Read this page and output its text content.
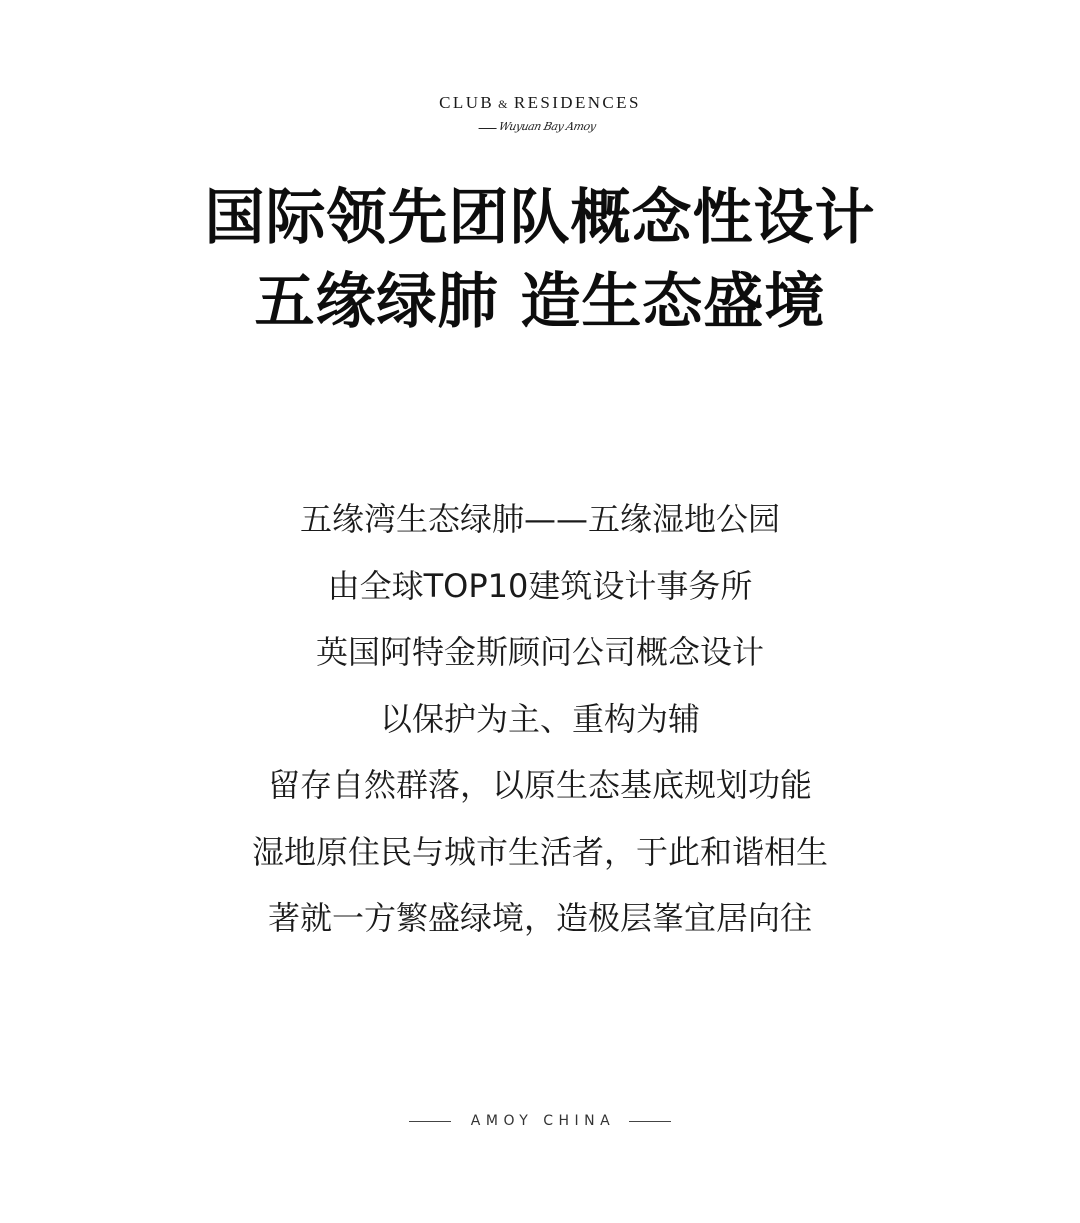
CLUB & RESIDENCES
Wuyuan Bay Amoy
国际领先团队概念性设计
五缘绿肺 造生态盛境
五缘湾生态绿肺——五缘湿地公园
由全球TOP10建筑设计事务所
英国阿特金斯顾问公司概念设计
以保护为主、重构为辅
留存自然群落，以原生态基底规划功能
湿地原住民与城市生活者，于此和谐相生
著就一方繁盛绿境，造极层峯宜居向往
AMOY CHINA
